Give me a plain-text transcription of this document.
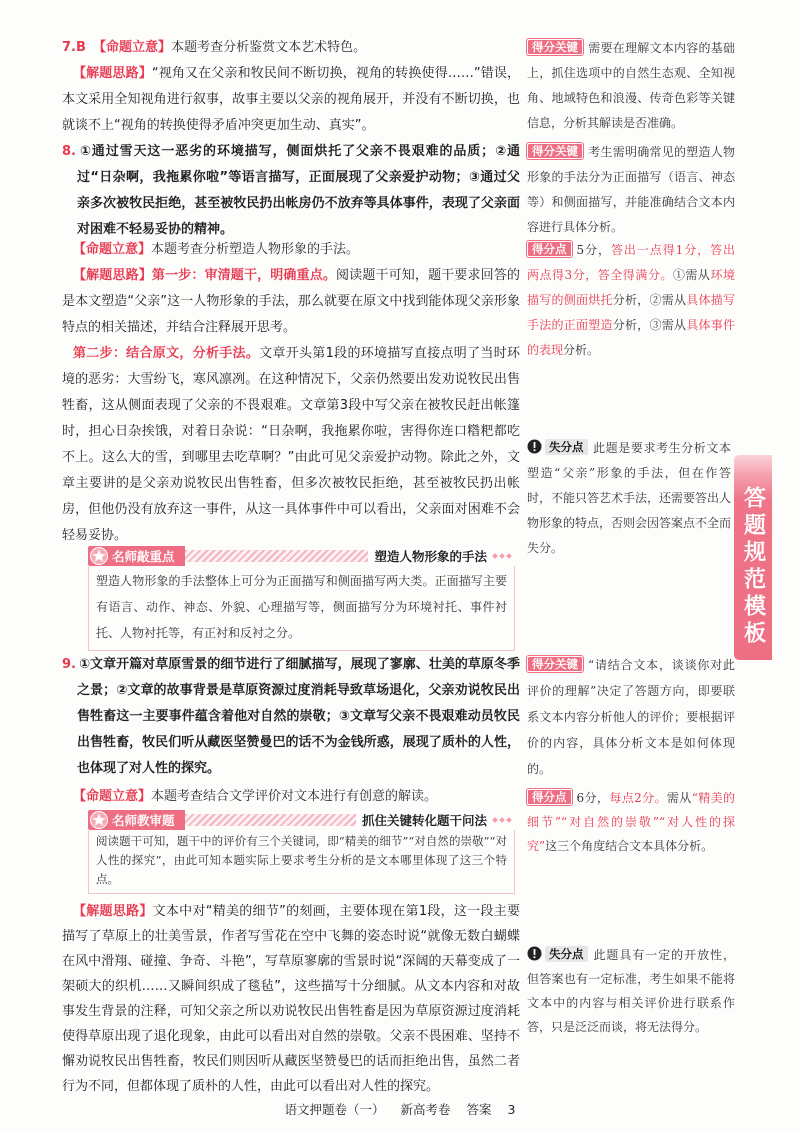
7.B 【命题立意】本题考查分析鉴赏文本艺术特色。

【解题思路】“视角又在父亲和牧民间不断切换，视角的转换使得……”错误，本文采用全知视角进行叙事，故事主要以父亲的视角展开，并没有不断切换，也就谈不上“视角的转换使得矛盾冲突更加生动、真实”。

8. ①通过雪天这一恶劣的环境描写，侧面烘托了父亲不畏艰难的品质；②通过“日杂啊，我拖累你啦”等语言描写，正面展现了父亲爱护动物；③通过父亲多次被牧民拒绝，甚至被牧民扔出帐房仍不放弃等具体事件，表现了父亲面对困难不轻易妥协的精神。

【命题立意】本题考查分析塑造人物形象的手法。

【解题思路】第一步：审清题干，明确重点。阅读题干可知，题干要求回答的是本文塑造“父亲”这一人物形象的手法，那么就要在原文中找到能体现父亲形象特点的相关描述，并结合注释展开思考。

第二步：结合原文，分析手法。文章开头第1段的环境描写直接点明了当时环境的恶劣：大雪纷飞，寒风凛冽。在这种情况下，父亲仍然要出发劝说牧民出售牲畜，这从侧面表现了父亲的不畏艰难。文章第3段中写父亲在被牧民赶出帐篷时，担心日杂挨饿，对着日杂说：“日杂啊，我拖累你啦，害得你连口糌粑都吃不上。这么大的雪，到哪里去吃草啊？”由此可见父亲爱护动物。除此之外，文章主要讲的是父亲劝说牧民出售牲畜，但多次被牧民拒绝，甚至被牧民扔出帐房，但他仍没有放弃这一事件，从这一具体事件中可以看出，父亲面对困难不会轻易妥协。

名师敲重点	塑造人物形象的手法
塑造人物形象的手法整体上可分为正面描写和侧面描写两大类。正面描写主要有语言、动作、神态、外貌、心理描写等，侧面描写分为环境衬托、事件衬托、人物衬托等，有正衬和反衬之分。

9. ①文章开篇对草原雪景的细节进行了细腻描写，展现了寥廓、壮美的草原冬季之景；②文章的故事背景是草原资源过度消耗导致草场退化，父亲劝说牧民出售牲畜这一主要事件蕴含着他对自然的崇敬；③文章写父亲不畏艰难动员牧民出售牲畜，牧民们听从藏医坚赞曼巴的话不为金钱所惑，展现了质朴的人性，也体现了对人性的探究。

【命题立意】本题考查结合文学评价对文本进行有创意的解读。

名师教审题	抓住关键转化题干问法
阅读题干可知，题干中的评价有三个关键词，即“精美的细节”“对自然的崇敬”“对人性的探究”，由此可知本题实际上要求考生分析的是文本哪里体现了这三个特点。

【解题思路】文本中对“精美的细节”的刻画，主要体现在第1段，这一段主要描写了草原上的壮美雪景，作者写雪花在空中飞舞的姿态时说“就像无数白蝴蝶在风中滑翔、碰撞、争奇、斗艳”，写草原寥廓的雪景时说“深阔的天幕变成了一架硕大的织机……又瞬间织成了毯毡”，这些描写十分细腻。从文本内容和对故事发生背景的注释，可知父亲之所以劝说牧民出售牲畜是因为草原资源过度消耗使得草原出现了退化现象，由此可以看出对自然的崇敬。父亲不畏困难、坚持不懈劝说牧民出售牲畜，牧民们则因听从藏医坚赞曼巴的话而拒绝出售，虽然二者行为不同，但都体现了质朴的人性，由此可以看出对人性的探究。

得分关键 需要在理解文本内容的基础上，抓住选项中的自然生态观、全知视角、地域特色和浪漫、传奇色彩等关键信息，分析其解读是否准确。

得分关键 考生需明确常见的塑造人物形象的手法分为正面描写（语言、神态等）和侧面描写，并能准确结合文本内容进行具体分析。

得分点 5分，答出一点得1分，答出两点得3分，答全得满分。①需从环境描写的侧面烘托分析，②需从具体描写手法的正面塑造分析，③需从具体事件的表现分析。

失分点 此题是要求考生分析文本塑造“父亲”形象的手法，但在作答时，不能只答艺术手法，还需要答出人物形象的特点，否则会因答案点不全而失分。

得分关键 “请结合文本，谈谈你对此评价的理解”决定了答题方向，即要联系文本内容分析他人的评价；要根据评价的内容，具体分析文本是如何体现的。

得分点 6分，每点2分。需从“精美的细节”“对自然的崇敬”“对人性的探究”这三个角度结合文本具体分析。

失分点 此题具有一定的开放性，但答案也有一定标准，考生如果不能将文本中的内容与相关评价进行联系作答，只是泛泛而谈，将无法得分。

答题规范模板
语文押题卷（一） 新高考卷 答案 3
